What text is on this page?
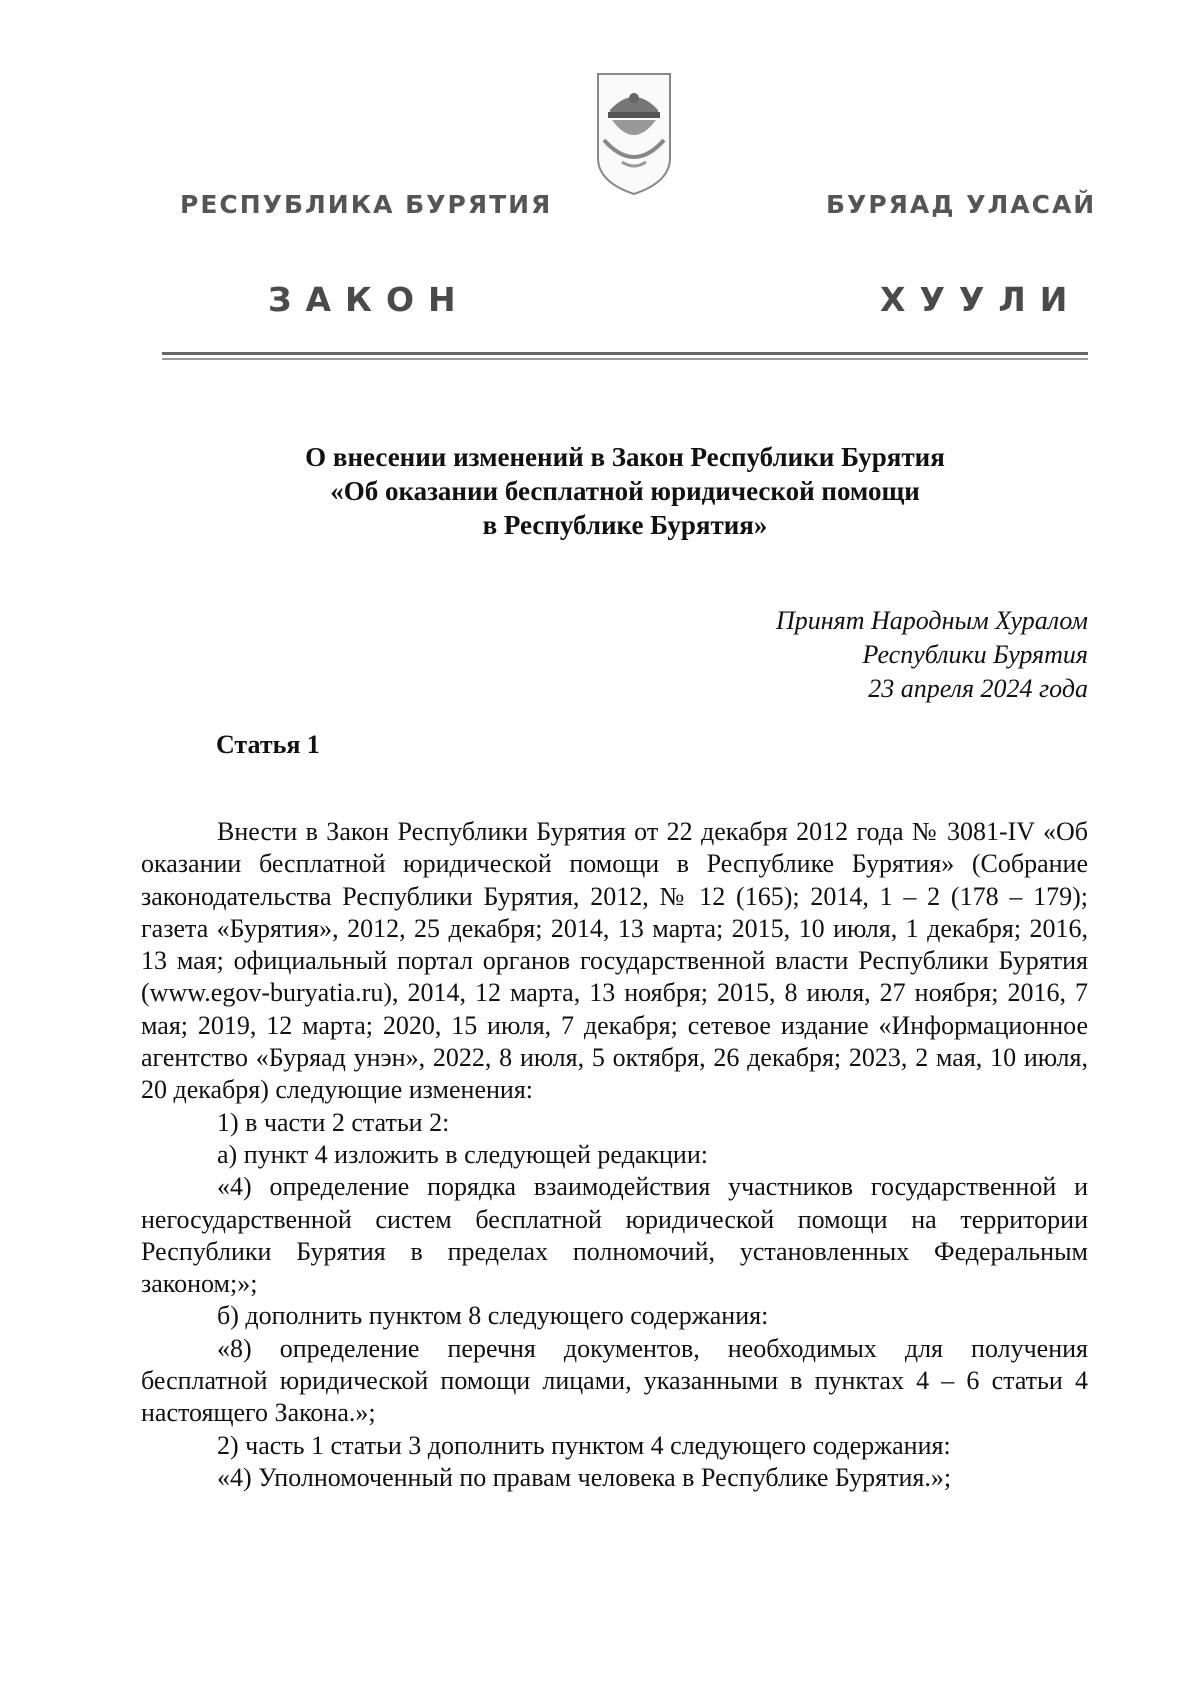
РЕСПУБЛИКА БУРЯТИЯ	БУРЯАД УЛАСАЙ
ЗАКОН	ХУУЛИ
О внесении изменений в Закон Республики Бурятия
«Об оказании бесплатной юридической помощи
в Республике Бурятия»
Принят Народным Хуралом
Республики Бурятия
23 апреля 2024 года
Статья 1

Внести в Закон Республики Бурятия от 22 декабря 2012 года № 3081-IV «Об оказании бесплатной юридической помощи в Республике Бурятия» (Собрание законодательства Республики Бурятия, 2012, № 12 (165); 2014, 1 – 2 (178 – 179); газета «Бурятия», 2012, 25 декабря; 2014, 13 марта; 2015, 10 июля, 1 декабря; 2016, 13 мая; официальный портал органов государственной власти Республики Бурятия (www.egov-buryatia.ru), 2014, 12 марта, 13 ноября; 2015, 8 июля, 27 ноября; 2016, 7 мая; 2019, 12 марта; 2020, 15 июля, 7 декабря; сетевое издание «Информационное агентство «Буряад унэн», 2022, 8 июля, 5 октября, 26 декабря; 2023, 2 мая, 10 июля, 20 декабря) следующие изменения:

1) в части 2 статьи 2:

а) пункт 4 изложить в следующей редакции:

«4) определение порядка взаимодействия участников государственной и негосударственной систем бесплатной юридической помощи на территории Республики Бурятия в пределах полномочий, установленных Федеральным законом;»;

б) дополнить пунктом 8 следующего содержания:

«8) определение перечня документов, необходимых для получения бесплатной юридической помощи лицами, указанными в пунктах 4 – 6 статьи 4 настоящего Закона.»;

2) часть 1 статьи 3 дополнить пунктом 4 следующего содержания:

«4) Уполномоченный по правам человека в Республике Бурятия.»;
